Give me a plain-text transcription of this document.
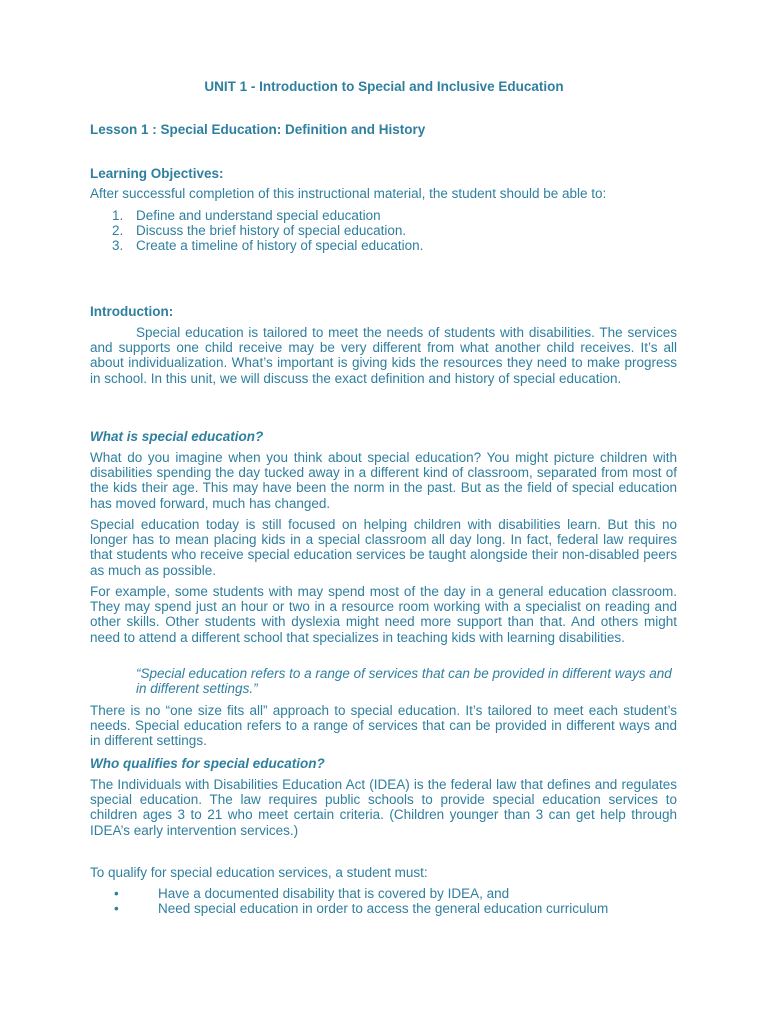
UNIT 1 - Introduction to Special and Inclusive Education
Lesson 1 : Special Education: Definition and History
Learning Objectives:
After successful completion of this instructional material, the student should be able to:
1. Define and understand special education
2. Discuss the brief history of special education.
3. Create a timeline of history of special education.
Introduction:
Special education is tailored to meet the needs of students with disabilities. The services and supports one child receive may be very different from what another child receives. It’s all about individualization. What’s important is giving kids the resources they need to make progress in school. In this unit, we will discuss the exact definition and history of special education.
What is special education?
What do you imagine when you think about special education? You might picture children with disabilities spending the day tucked away in a different kind of classroom, separated from most of the kids their age. This may have been the norm in the past. But as the field of special education has moved forward, much has changed.
Special education today is still focused on helping children with disabilities learn. But this no longer has to mean placing kids in a special classroom all day long. In fact, federal law requires that students who receive special education services be taught alongside their non-disabled peers as much as possible.
For example, some students with may spend most of the day in a general education classroom. They may spend just an hour or two in a resource room working with a specialist on reading and other skills. Other students with dyslexia might need more support than that. And others might need to attend a different school that specializes in teaching kids with learning disabilities.
“Special education refers to a range of services that can be provided in different ways and in different settings.”
There is no “one size fits all” approach to special education. It’s tailored to meet each student’s needs. Special education refers to a range of services that can be provided in different ways and in different settings.
Who qualifies for special education?
The Individuals with Disabilities Education Act (IDEA) is the federal law that defines and regulates special education. The law requires public schools to provide special education services to children ages 3 to 21 who meet certain criteria. (Children younger than 3 can get help through IDEA’s early intervention services.)
To qualify for special education services, a student must:
•	Have a documented disability that is covered by IDEA, and
•	Need special education in order to access the general education curriculum
